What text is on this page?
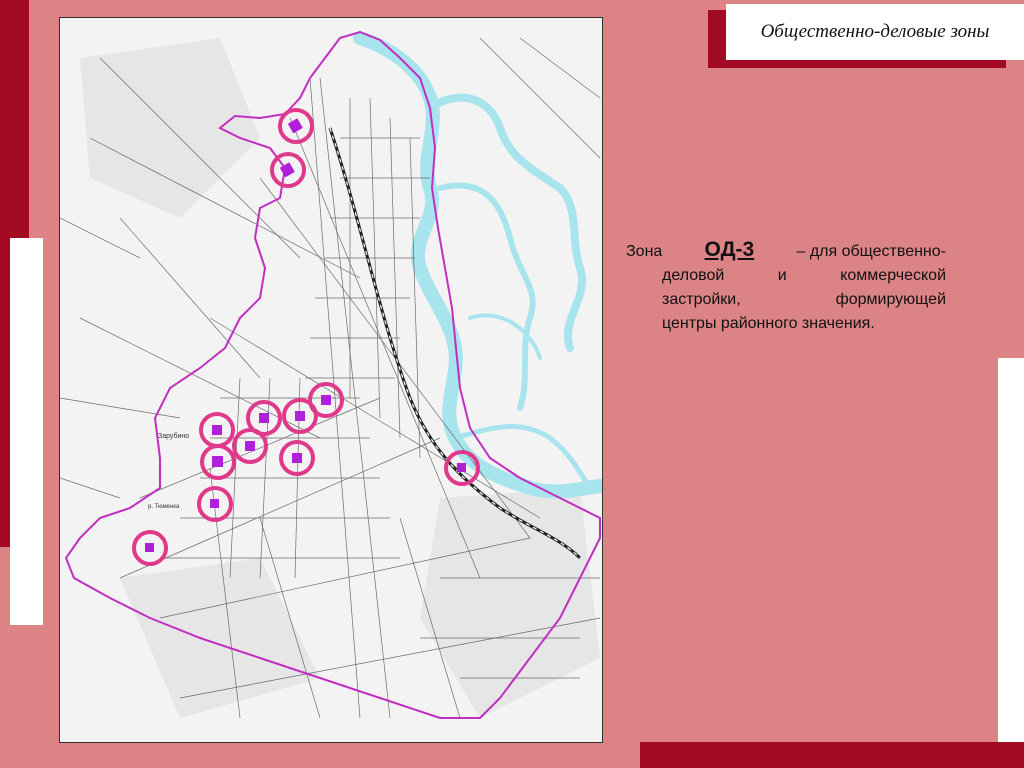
Общественно-деловые зоны
Зарубино
р. Тюменка
Зона ОД-3	– для общественно-
деловой и коммерческой
застройки, формирующей
центры районного значения.
